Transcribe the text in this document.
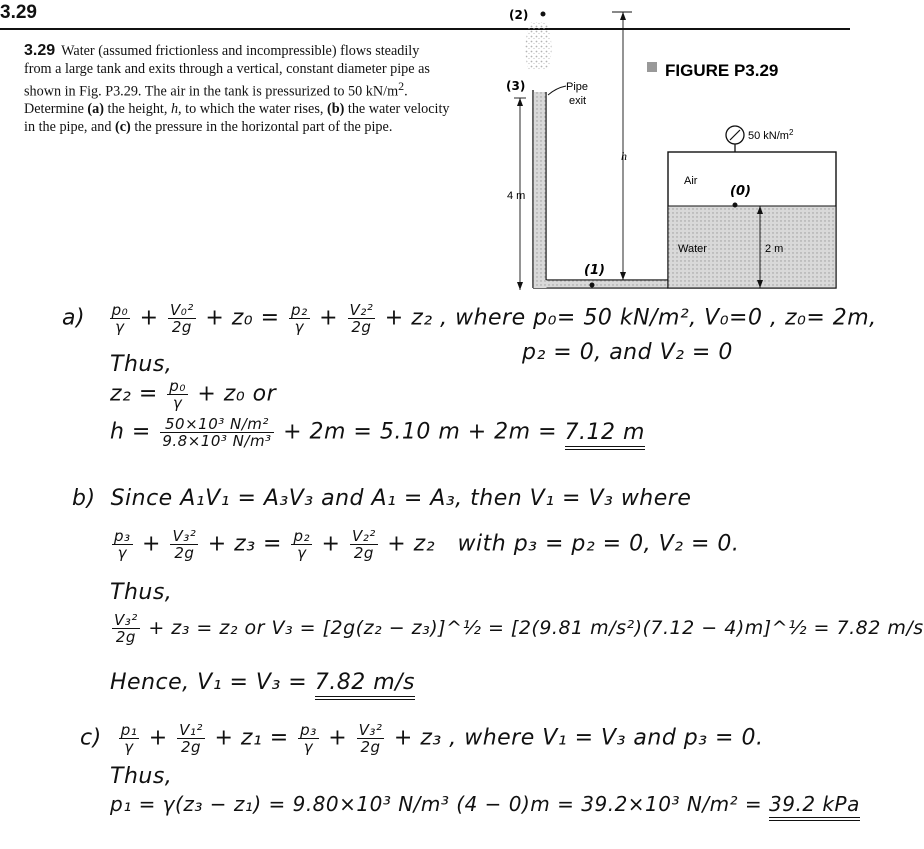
3.29
3.29 Water (assumed frictionless and incompressible) flows steadily from a large tank and exits through a vertical, constant diameter pipe as shown in Fig. P3.29. The air in the tank is pressurized to 50 $kN/m^2$. Determine (a) the height, h, to which the water rises, (b) the water velocity in the pipe, and (c) the pressure in the horizontal part of the pipe.
(2)
(3)
(1)
(0)
Pipe
exit
h
4 m
2 m
Air
Water
50 $kN/m^2$
FIGURE P3.29
$a) \frac{\text{p₀}}{\gamma} + \frac{\text{V₀²}}{2g} + z_0 = \frac{\text{p₂}}{\gamma} + \frac{\text{V₂²}}{2g} + z_2$ , where p₀= 50 kN/m², V₀=0 , z₀= 2m,
p₂ = 0, and V₂ = 0
Thus,
$z_2 = \frac{\text{p₀}}{\gamma} + z_0$ or
$h = \frac{\text{50×10³ N/m²}}{\text{9.8×10³ N/m³}} + 2m = 5.10$ m + 2m = 7.12 m
b) Since A₁V₁ = A₃V₃ and A₁ = A₃, then V₁ = V₃ where
$\frac{\text{p₃}}{\gamma} + \frac{\text{V₃²}}{2g} + z_3 = \frac{\text{p₂}}{\gamma} + \frac{\text{V₂²}}{2g} + z_2$   with p₃ = p₂ = 0, V₂ = 0.
Thus,
$\frac{\text{V₃²}}{2g} + z_3 = z_2$ or V₃ = [2g(z₂ − z₃)]^½ = [2(9.81 m/s²)(7.12 − 4)m]^½ = 7.82 m/s
Hence, V₁ = V₃ = 7.82 m/s
$c) \frac{\text{p₁}}{\gamma} + \frac{\text{V₁²}}{2g} + z_1 = \frac{\text{p₃}}{\gamma} + \frac{\text{V₃²}}{2g} + z_3$ , where V₁ = V₃ and p₃ = 0.
Thus,
p₁ = γ(z₃ − z₁) = 9.80×10³ N/m³ (4 − 0)m = 39.2×10³ N/m² = 39.2 kPa
